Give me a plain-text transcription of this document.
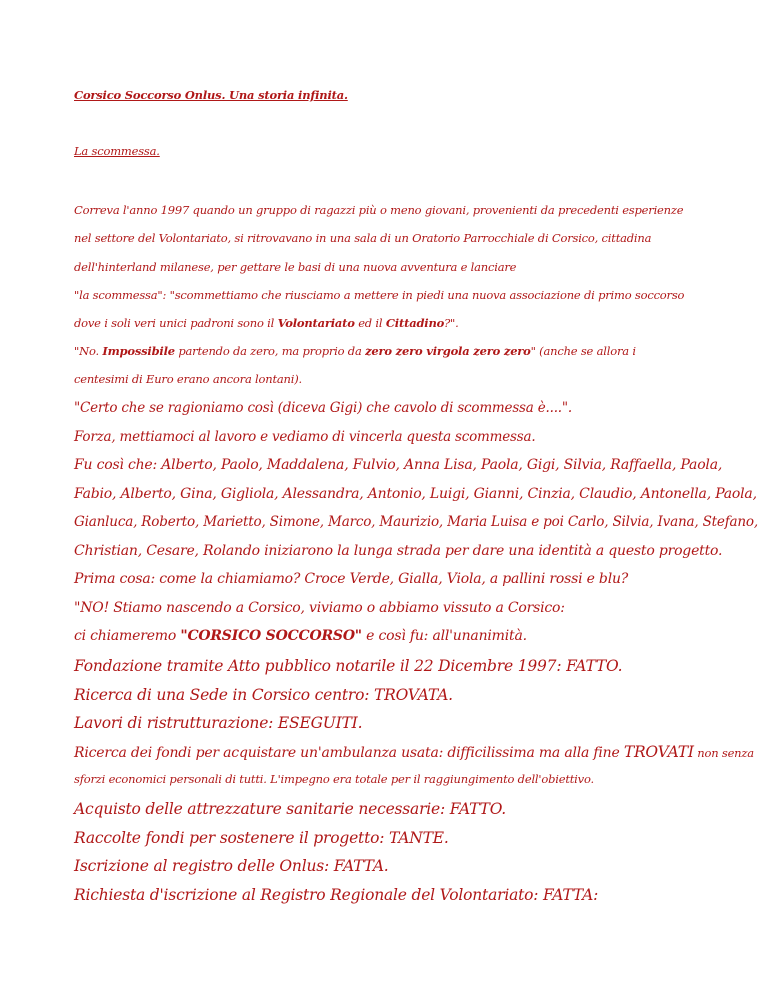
Corsico Soccorso Onlus. Una storia infinita.
La scommessa.
Correva l'anno 1997 quando un gruppo di ragazzi più o meno giovani, provenienti da precedenti esperienze
nel settore del Volontariato, si ritrovavano in una sala di un Oratorio Parrocchiale di Corsico, cittadina
dell'hinterland milanese, per gettare le basi di una nuova avventura e lanciare
"la scommessa": "scommettiamo che riusciamo a mettere in piedi una nuova associazione di primo soccorso
dove i soli veri unici padroni sono il Volontariato ed il Cittadino?".
"No. Impossibile partendo da zero, ma proprio da zero zero virgola zero zero" (anche se allora i
centesimi di Euro erano ancora lontani).
"Certo che se ragioniamo così (diceva Gigi) che cavolo di scommessa è....".
Forza, mettiamoci al lavoro e vediamo di vincerla questa scommessa.
Fu così che: Alberto, Paolo, Maddalena, Fulvio, Anna Lisa, Paola, Gigi, Silvia, Raffaella, Paola,
Fabio, Alberto, Gina, Gigliola, Alessandra, Antonio, Luigi, Gianni, Cinzia, Claudio, Antonella, Paola,
Gianluca, Roberto, Marietto, Simone, Marco, Maurizio, Maria Luisa e poi Carlo, Silvia, Ivana, Stefano,
Christian, Cesare, Rolando iniziarono la lunga strada per dare una identità a questo progetto.
Prima cosa: come la chiamiamo? Croce Verde, Gialla, Viola, a pallini rossi e blu?
"NO! Stiamo nascendo a Corsico, viviamo o abbiamo vissuto a Corsico:
ci chiameremo "CORSICO SOCCORSO" e così fu: all'unanimità.
Fondazione tramite Atto pubblico notarile il 22 Dicembre 1997: FATTO.
Ricerca di una Sede in Corsico centro: TROVATA.
Lavori di ristrutturazione: ESEGUITI.
Ricerca dei fondi per acquistare un'ambulanza usata: difficilissima ma alla fine TROVATI non senza
sforzi economici personali di tutti. L'impegno era totale per il raggiungimento dell'obiettivo.
Acquisto delle attrezzature sanitarie necessarie: FATTO.
Raccolte fondi per sostenere il progetto: TANTE.
Iscrizione al registro delle Onlus: FATTA.
Richiesta d'iscrizione al Registro Regionale del Volontariato: FATTA:
